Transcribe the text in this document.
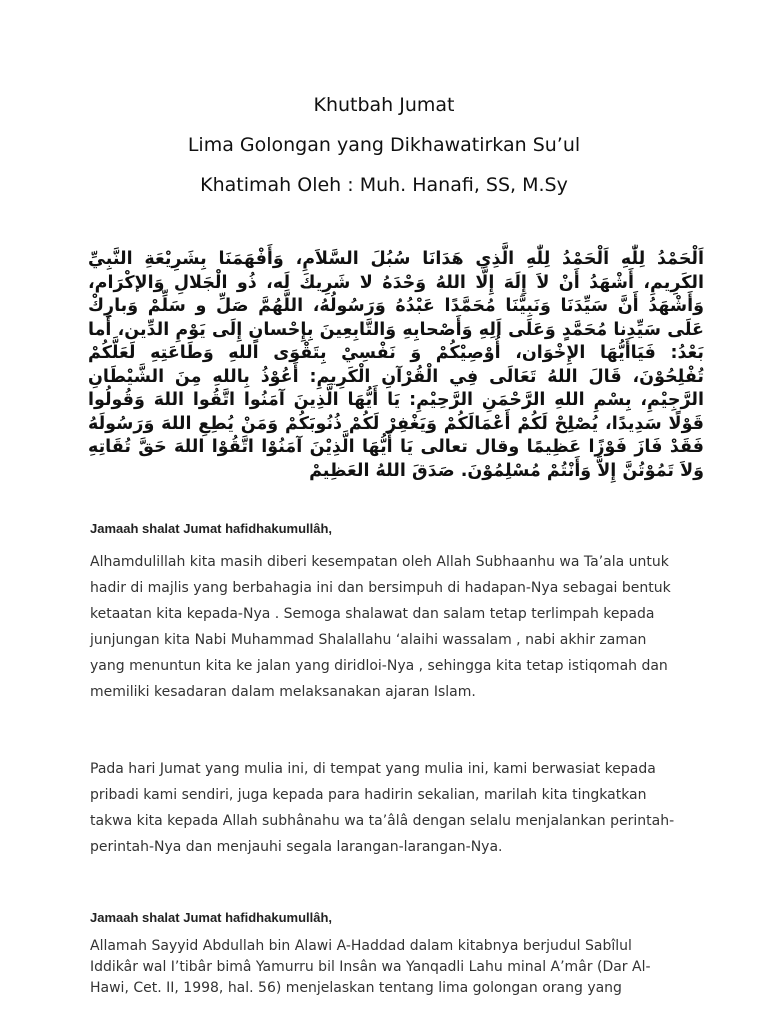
Khutbah Jumat
Lima Golongan yang Dikhawatirkan Su’ul
Khatimah Oleh : Muh. Hanafi, SS, M.Sy

اَلْحَمْدُ لِلّٰهِ اَلْحَمْدُ لِلّٰهِ الَّذِي هَدَانَا سُبُلَ السَّلاَمِ، وَأَفْهَمَنَا بِشَرِيْعَةِ النَّبِيِّ الكَرِيمِ، أَشْهَدُ أَنْ لاَ إِلَهَ إِلَّا اللهُ وَحْدَهُ لا شَرِيكَ لَه، ذُو الْجَلالِ وَالإكْرَام، وَأَشْهَدُ أَنَّ سَيِّدَنَا وَنَبِيَّنَا مُحَمَّدًا عَبْدُهُ وَرَسُولُهُ، اللَّهُمَّ صَلِّ و سَلِّمْ وَبارِكْ عَلَى سَيِّدِنا مُحَمَّدٍ وَعَلَى اَلِهِ وَأَصْحابِهِ وَالتَّابِعِينَ بِإِحْسانٍ إِلَى يَوْمِ الدِّين، أَما بَعْدُ: فَيَاأَيُّهَا الإِخْوَان، أُوْصِيْكُمْ وَ نَفْسِيْ بِتَقْوَى اللهِ وَطَاعَتِهِ لَعَلَّكُمْ تُفْلِحُوْنَ، قَالَ اللهُ تَعَالَى فِي الْقُرْآنِ الْكَرِيمِ: أَعُوْذُ بِاللهِ مِنَ الشَّيْطَانِ الرَّجِيْمِ، بِسْمِ اللهِ الرَّحْمَنِ الرَّحِيْمِ: يَا أَيُّهَا الَّذِينَ آمَنُوا اتَّقُوا اللهَ وَقُولُوا قَوْلًا سَدِيدًا، يُصْلِحْ لَكُمْ أَعْمَالَكُمْ وَيَغْفِرْ لَكُمْ ذُنُوبَكُمْ وَمَنْ يُطِعِ اللهَ وَرَسُولَهُ فَقَدْ فَازَ فَوْزًا عَظِيمًا وقال تعالى يَا أَيُّهَا الَّذِيْنَ آمَنُوْا اتَّقُوْا اللهَ حَقَّ تُقَاتِهِ وَلاَ تَمُوْتُنَّ إِلاَّ وَأَنْتُمْ مُسْلِمُوْنَ. صَدَقَ اللهُ العَظِيمْ

Jamaah shalat Jumat hafidhakumullâh,

Alhamdulillah kita masih diberi kesempatan oleh Allah Subhaanhu wa Ta’ala untuk hadir di majlis yang berbahagia ini dan bersimpuh di hadapan-Nya sebagai bentuk ketaatan kita kepada-Nya . Semoga shalawat dan salam tetap terlimpah kepada junjungan kita Nabi Muhammad Shalallahu ‘alaihi wassalam , nabi akhir zaman yang menuntun kita ke jalan yang diridloi-Nya , sehingga kita tetap istiqomah dan memiliki kesadaran dalam melaksanakan ajaran Islam.

Pada hari Jumat yang mulia ini, di tempat yang mulia ini, kami berwasiat kepada pribadi kami sendiri, juga kepada para hadirin sekalian, marilah kita tingkatkan takwa kita kepada Allah subhânahu wa ta’âlâ dengan selalu menjalankan perintah-perintah-Nya dan menjauhi segala larangan-larangan-Nya.

Jamaah shalat Jumat hafidhakumullâh,

Allamah Sayyid Abdullah bin Alawi A-Haddad dalam kitabnya berjudul Sabîlul Iddikâr wal I’tibâr bimâ Yamurru bil Insân wa Yanqadli Lahu minal A’mâr (Dar Al-Hawi, Cet. II, 1998, hal. 56) menjelaskan tentang lima golongan orang yang
